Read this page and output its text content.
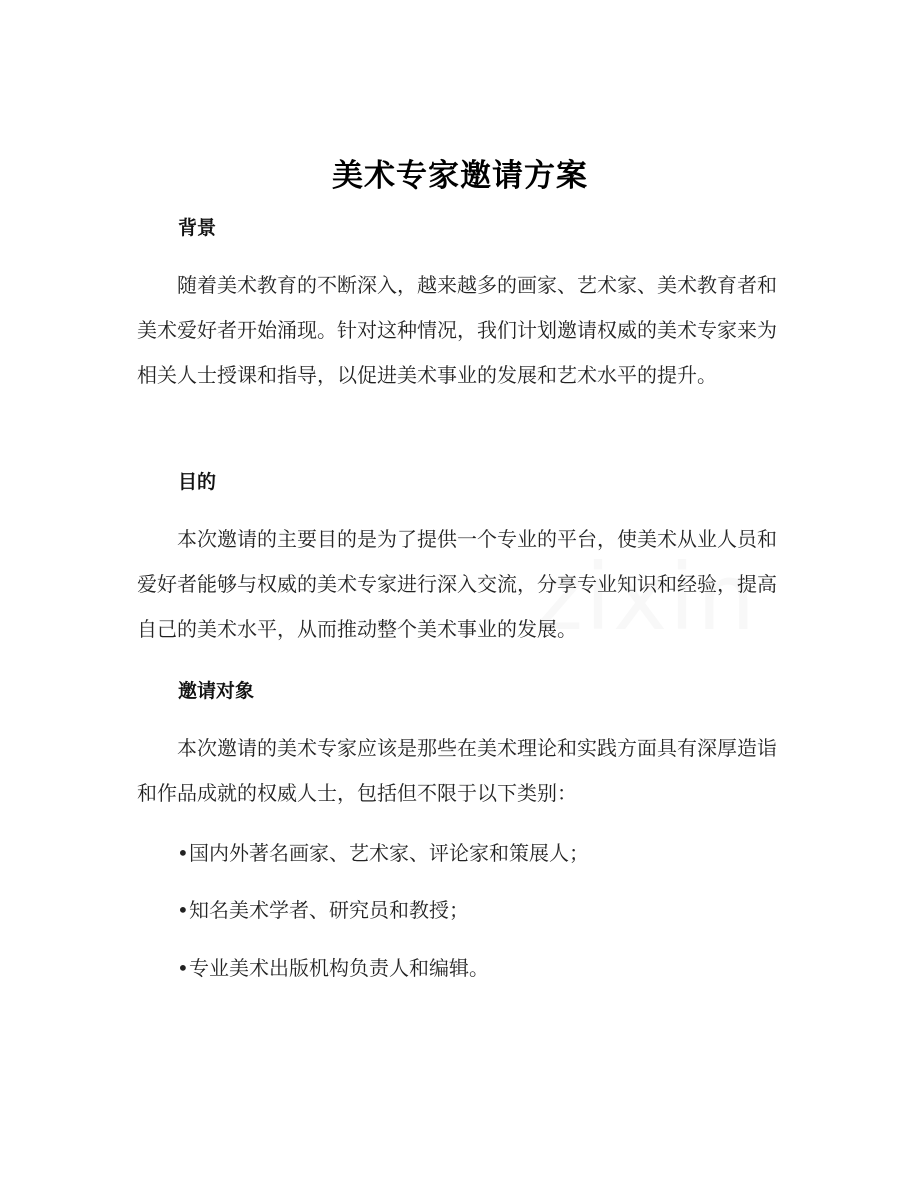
美术专家邀请方案
背景
随着美术教育的不断深入，越来越多的画家、艺术家、美术教育者和美术爱好者开始涌现。针对这种情况，我们计划邀请权威的美术专家来为相关人士授课和指导，以促进美术事业的发展和艺术水平的提升。
目的
本次邀请的主要目的是为了提供一个专业的平台，使美术从业人员和爱好者能够与权威的美术专家进行深入交流，分享专业知识和经验，提高自己的美术水平，从而推动整个美术事业的发展。
邀请对象
本次邀请的美术专家应该是那些在美术理论和实践方面具有深厚造诣和作品成就的权威人士，包括但不限于以下类别：
•国内外著名画家、艺术家、评论家和策展人；
•知名美术学者、研究员和教授；
•专业美术出版机构负责人和编辑。
